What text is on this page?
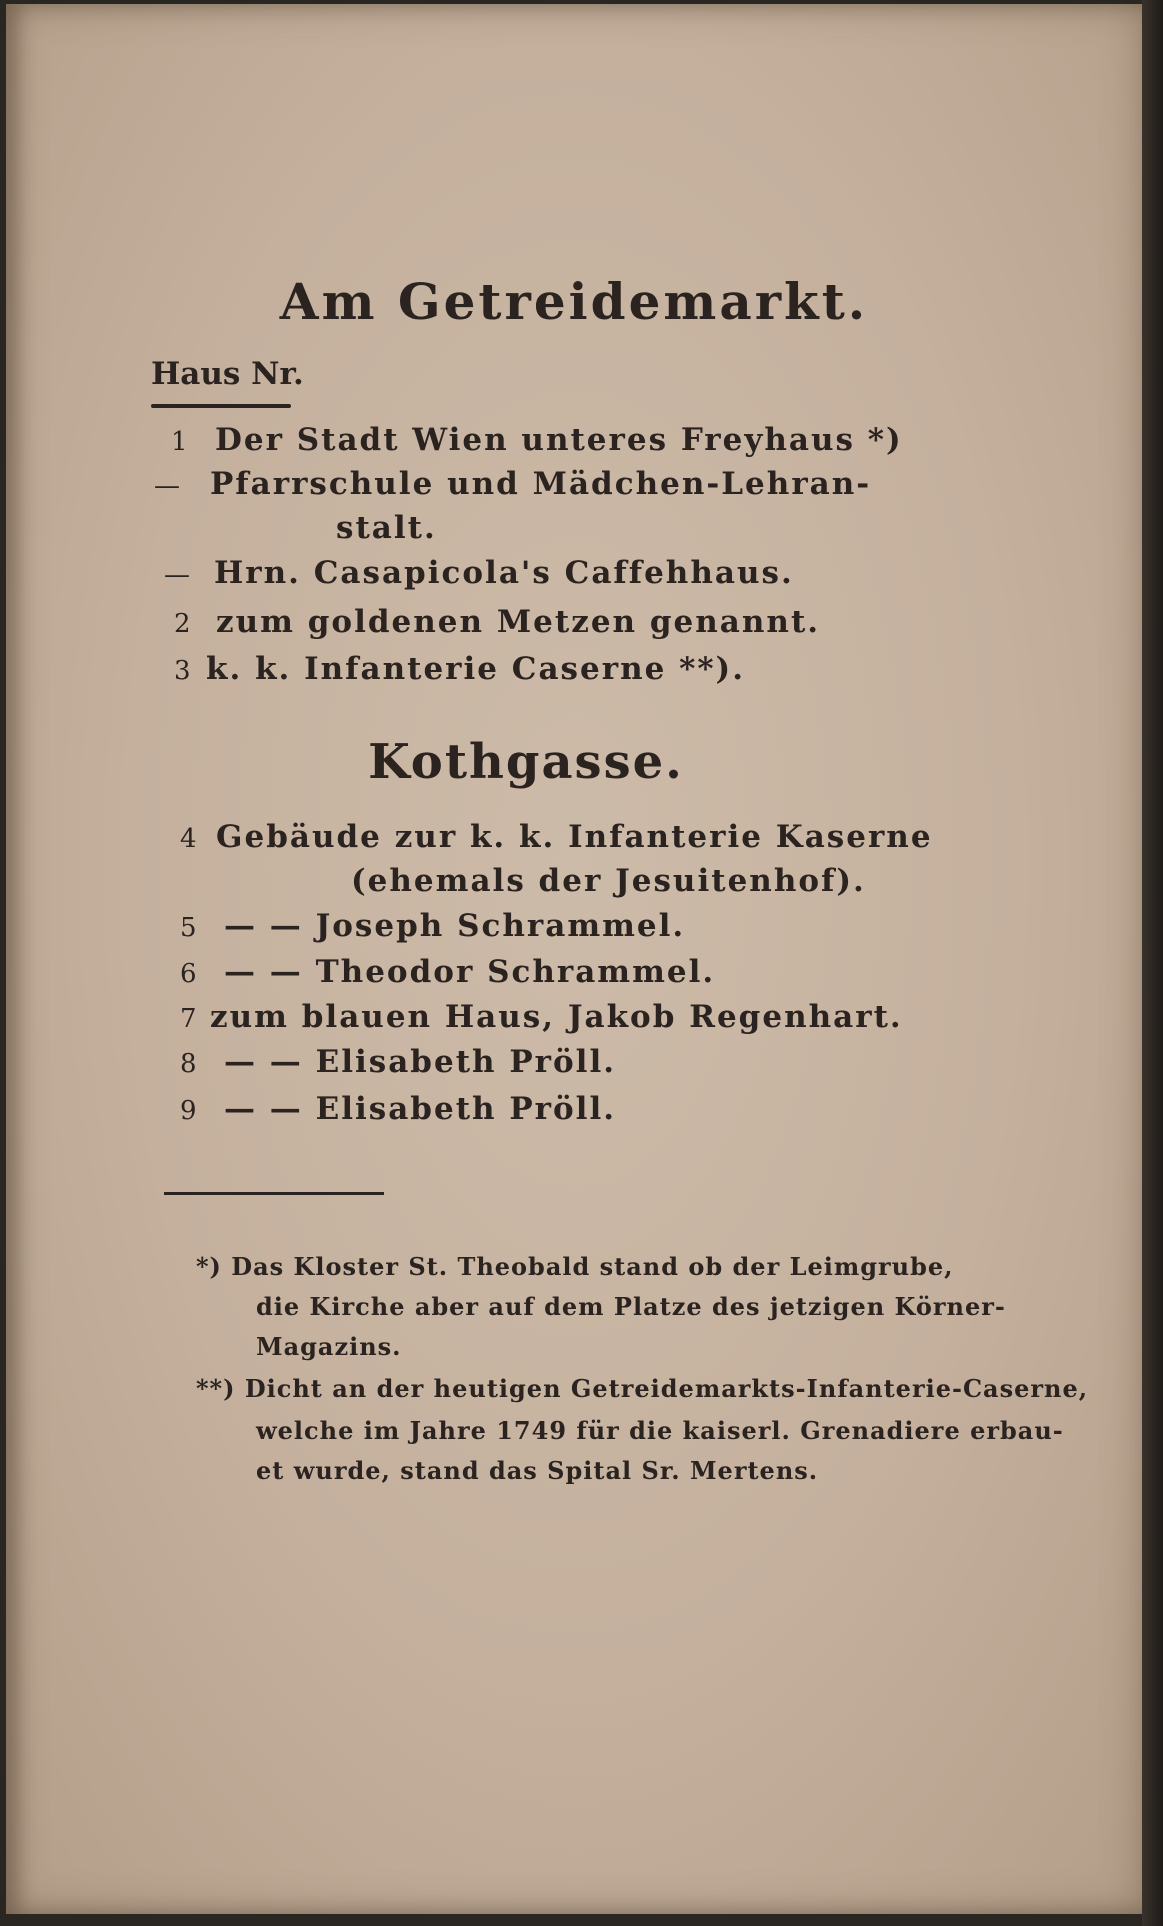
Am Getreidemarkt.
Haus Nr.
1 Der Stadt Wien unteres Freyhaus *)
— Pfarrschule und Mädchen-Lehran-
stalt.
— Hrn. Casapicola's Caffehhaus.
2 zum goldenen Metzen genannt.
3 k. k. Infanterie Caserne **).
Kothgasse.
4 Gebäude zur k. k. Infanterie Kaserne
(ehemals der Jesuitenhof).
5 — — Joseph Schrammel.
6 — — Theodor Schrammel.
7 zum blauen Haus, Jakob Regenhart.
8 — — Elisabeth Pröll.
9 — — Elisabeth Pröll.
*) Das Kloster St. Theobald stand ob der Leimgrube,
die Kirche aber auf dem Platze des jetzigen Körner-
Magazins.
**) Dicht an der heutigen Getreidemarkts-Infanterie-Caserne,
welche im Jahre 1749 für die kaiserl. Grenadiere erbau-
et wurde, stand das Spital Sr. Mertens.
